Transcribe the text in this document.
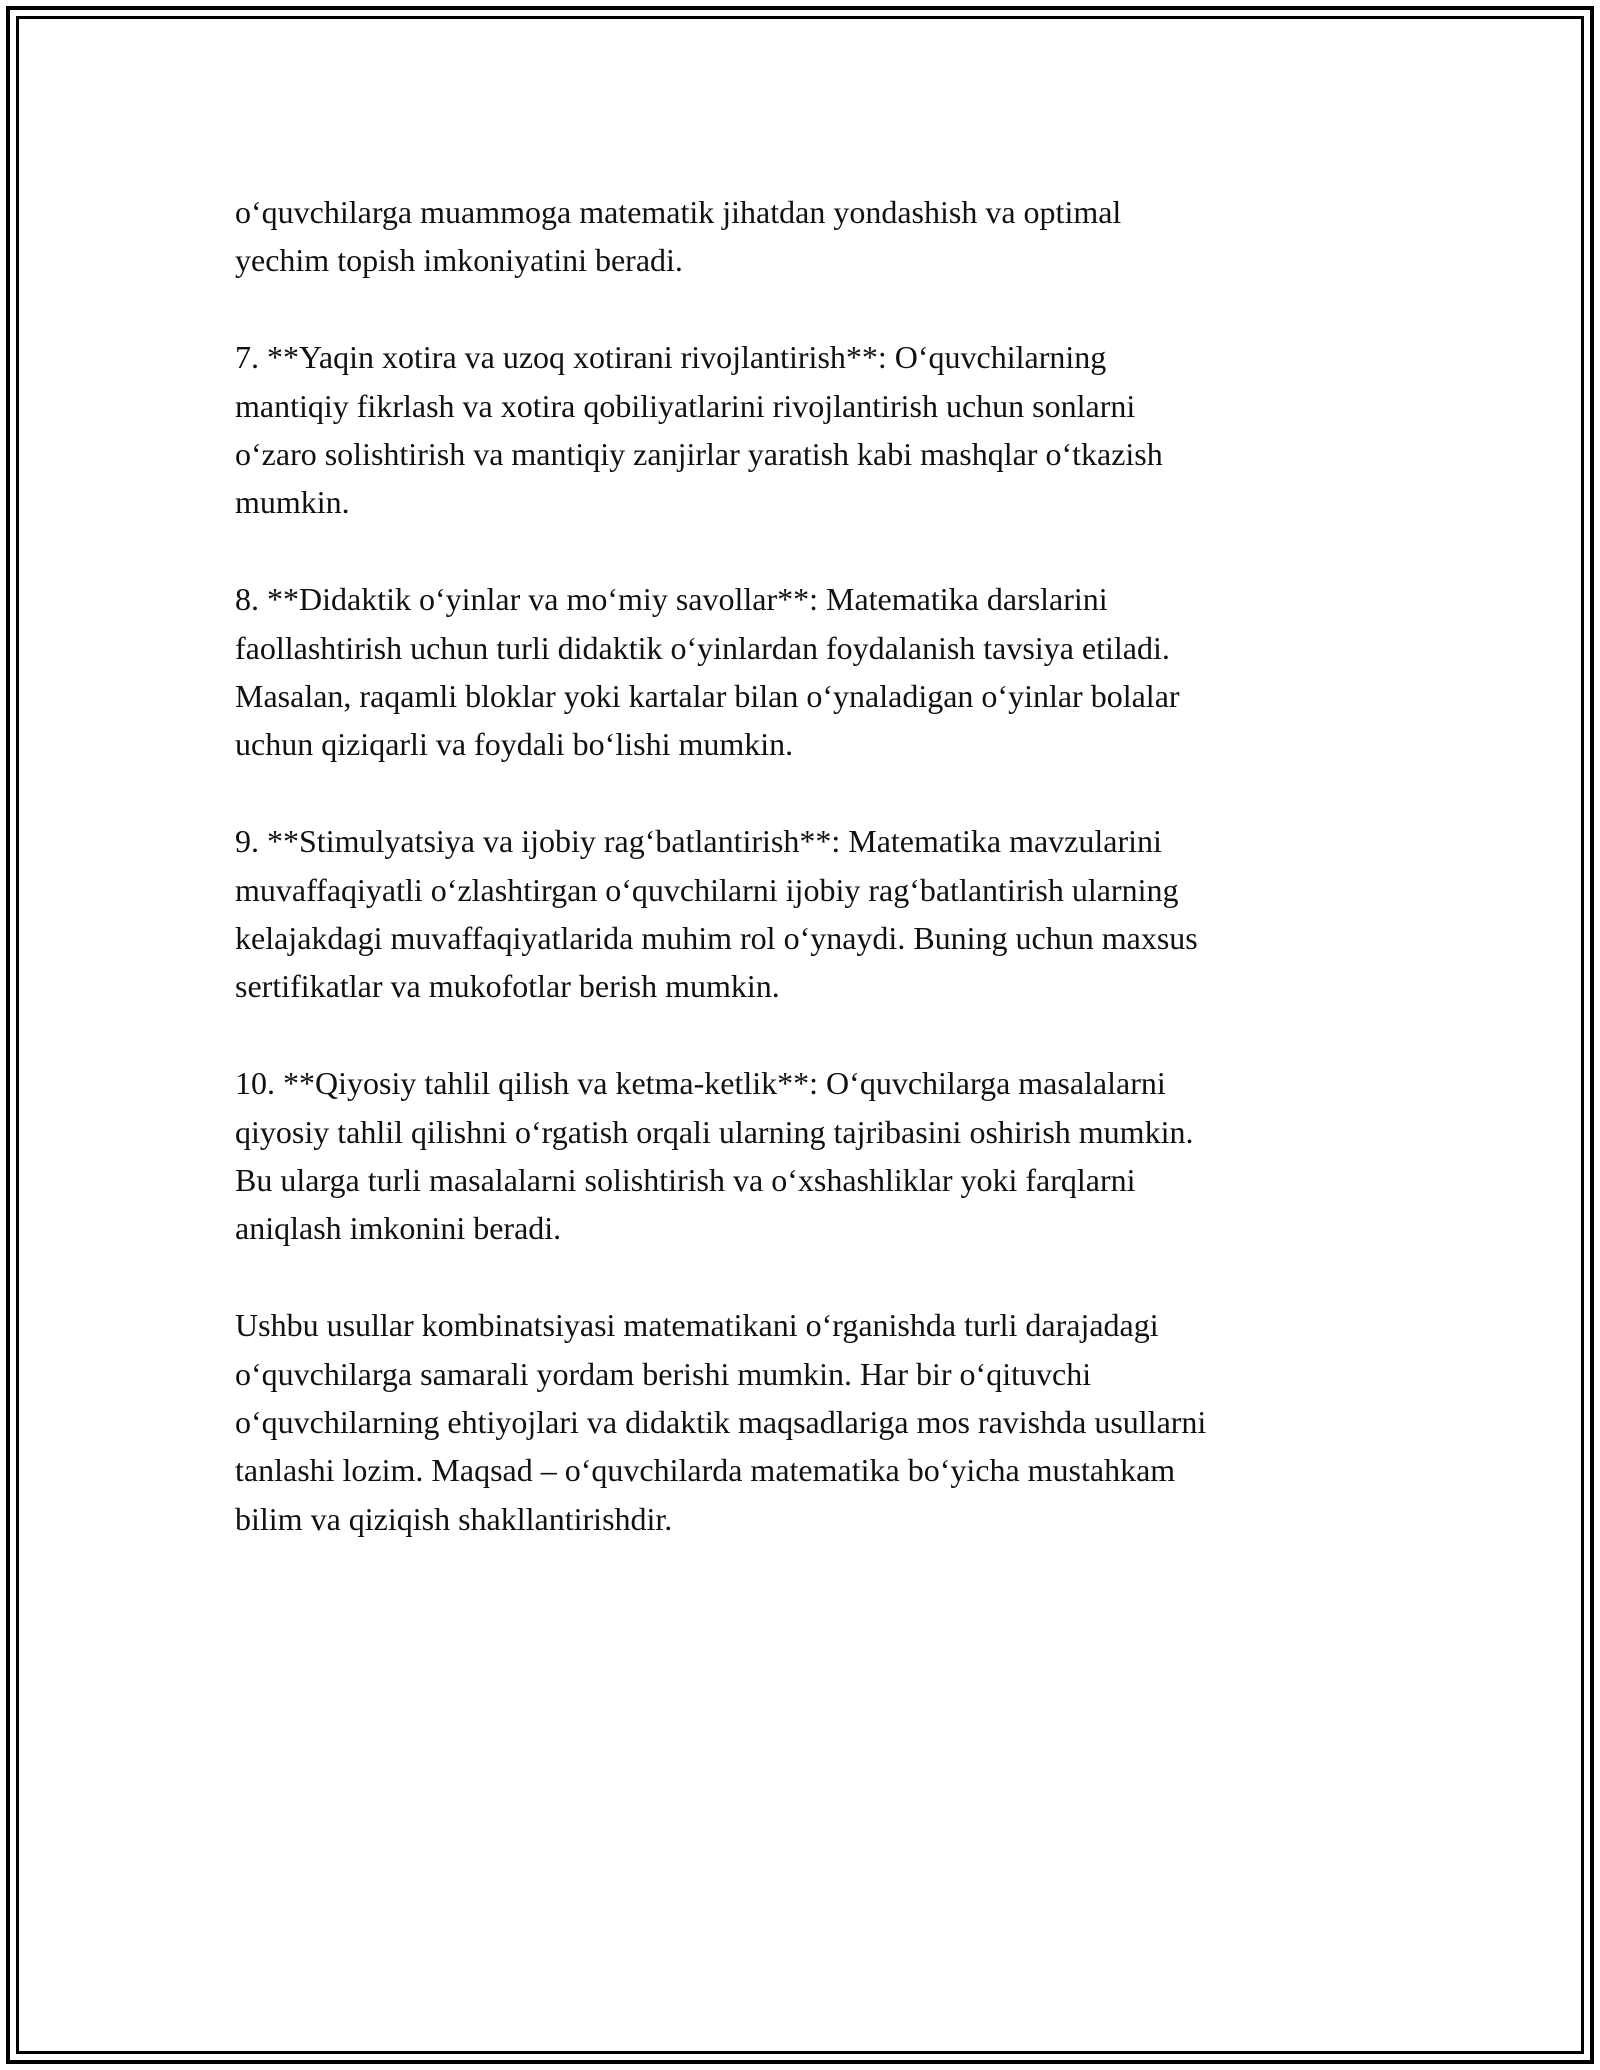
o‘quvchilarga muammoga matematik jihatdan yondashish va optimal
yechim topish imkoniyatini beradi.

7. **Yaqin xotira va uzoq xotirani rivojlantirish**: O‘quvchilarning
mantiqiy fikrlash va xotira qobiliyatlarini rivojlantirish uchun sonlarni
o‘zaro solishtirish va mantiqiy zanjirlar yaratish kabi mashqlar o‘tkazish
mumkin.

8. **Didaktik o‘yinlar va mo‘miy savollar**: Matematika darslarini
faollashtirish uchun turli didaktik o‘yinlardan foydalanish tavsiya etiladi.
Masalan, raqamli bloklar yoki kartalar bilan o‘ynaladigan o‘yinlar bolalar
uchun qiziqarli va foydali bo‘lishi mumkin.

9. **Stimulyatsiya va ijobiy rag‘batlantirish**: Matematika mavzularini
muvaffaqiyatli o‘zlashtirgan o‘quvchilarni ijobiy rag‘batlantirish ularning
kelajakdagi muvaffaqiyatlarida muhim rol o‘ynaydi. Buning uchun maxsus
sertifikatlar va mukofotlar berish mumkin.

10. **Qiyosiy tahlil qilish va ketma-ketlik**: O‘quvchilarga masalalarni
qiyosiy tahlil qilishni o‘rgatish orqali ularning tajribasini oshirish mumkin.
Bu ularga turli masalalarni solishtirish va o‘xshashliklar yoki farqlarni
aniqlash imkonini beradi.

Ushbu usullar kombinatsiyasi matematikani o‘rganishda turli darajadagi
o‘quvchilarga samarali yordam berishi mumkin. Har bir o‘qituvchi
o‘quvchilarning ehtiyojlari va didaktik maqsadlariga mos ravishda usullarni
tanlashi lozim. Maqsad – o‘quvchilarda matematika bo‘yicha mustahkam
bilim va qiziqish shakllantirishdir.
